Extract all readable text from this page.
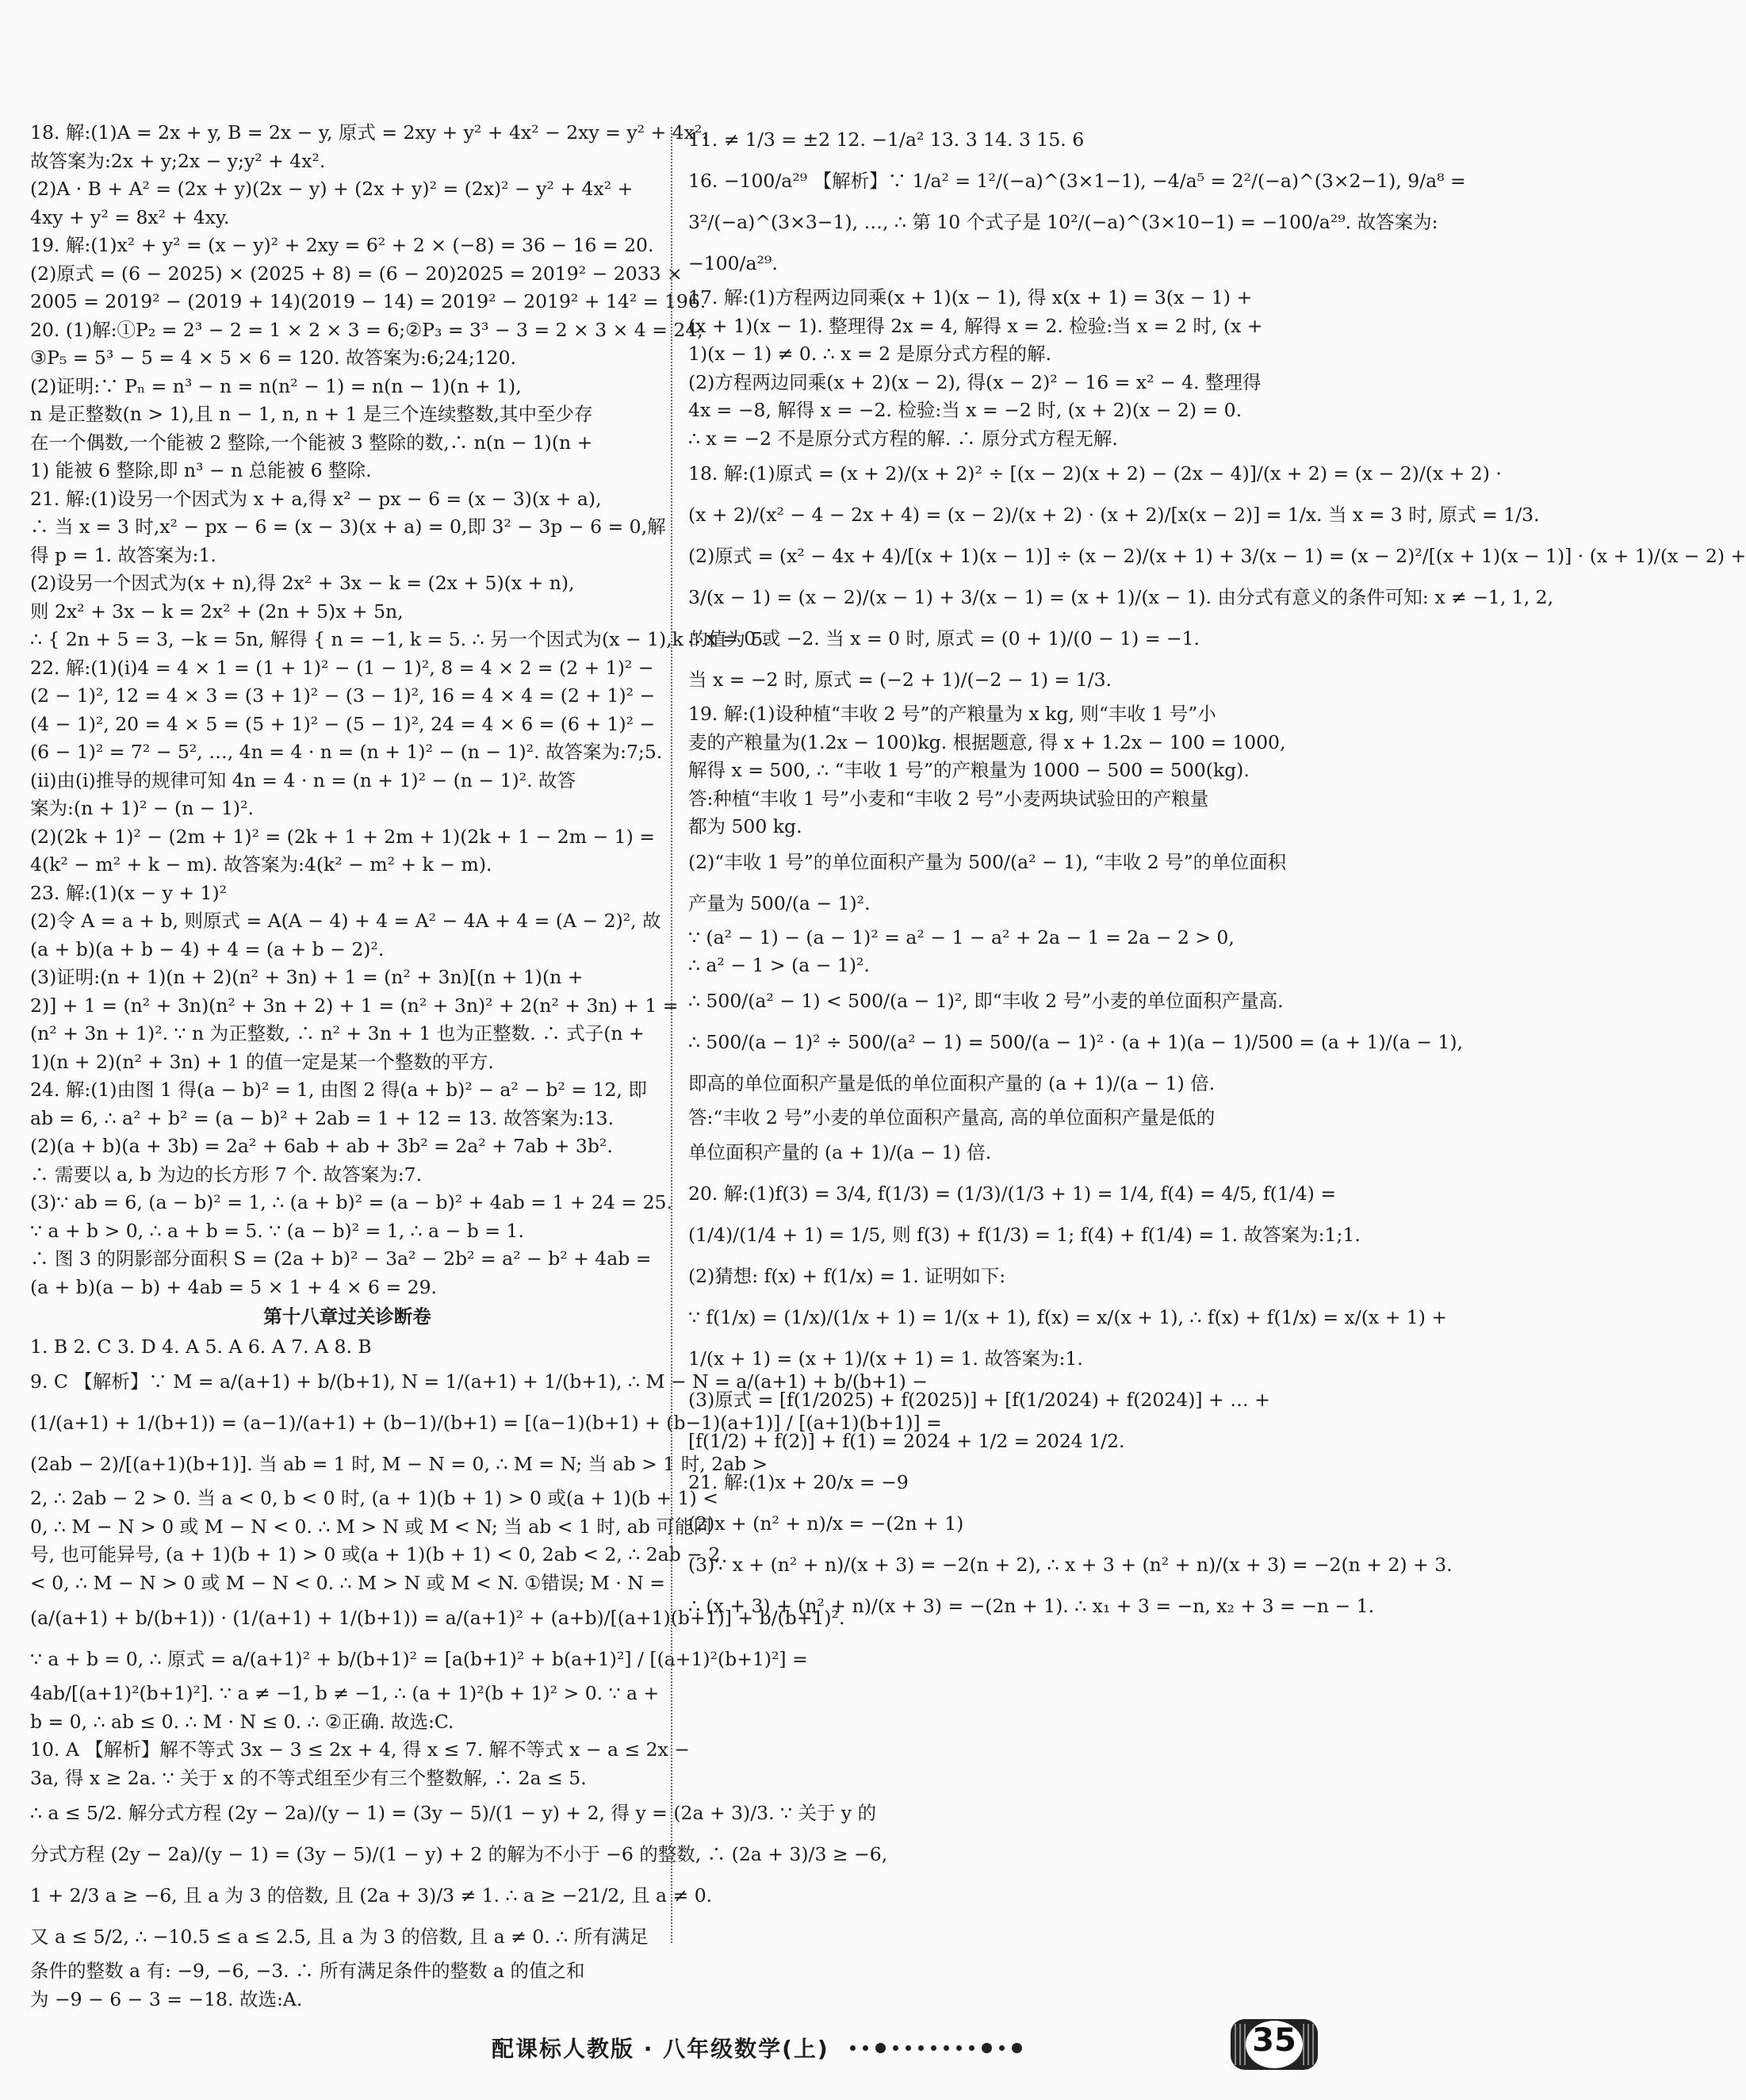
18. 解:(1)A = 2x + y, B = 2x − y, 原式 = 2xy + y² + 4x² − 2xy = y² + 4x².
故答案为:2x + y;2x − y;y² + 4x².
(2)A · B + A² = (2x + y)(2x − y) + (2x + y)² = (2x)² − y² + 4x² +
4xy + y² = 8x² + 4xy.
19. 解:(1)x² + y² = (x − y)² + 2xy = 6² + 2 × (−8) = 36 − 16 = 20.
(2)原式 = (6 − 2025) × (2025 + 8) = (6 − 20)2025 = 2019² − 2033 ×
2005 = 2019² − (2019 + 14)(2019 − 14) = 2019² − 2019² + 14² = 196.
20. (1)解:①P₂ = 2³ − 2 = 1 × 2 × 3 = 6;②P₃ = 3³ − 3 = 2 × 3 × 4 = 24;
③P₅ = 5³ − 5 = 4 × 5 × 6 = 120. 故答案为:6;24;120.
(2)证明:∵ Pₙ = n³ − n = n(n² − 1) = n(n − 1)(n + 1),
n 是正整数(n > 1),且 n − 1, n, n + 1 是三个连续整数,其中至少存
在一个偶数,一个能被 2 整除,一个能被 3 整除的数,∴ n(n − 1)(n +
1) 能被 6 整除,即 n³ − n 总能被 6 整除.
21. 解:(1)设另一个因式为 x + a,得 x² − px − 6 = (x − 3)(x + a),
∴ 当 x = 3 时,x² − px − 6 = (x − 3)(x + a) = 0,即 3² − 3p − 6 = 0,解
得 p = 1. 故答案为:1.
(2)设另一个因式为(x + n),得 2x² + 3x − k = (2x + 5)(x + n),
则 2x² + 3x − k = 2x² + (2n + 5)x + 5n,
∴ { 2n + 5 = 3, −k = 5n, 解得 { n = −1, k = 5. ∴ 另一个因式为(x − 1),k 的值为 5.
22. 解:(1)(ⅰ)4 = 4 × 1 = (1 + 1)² − (1 − 1)², 8 = 4 × 2 = (2 + 1)² −
(2 − 1)², 12 = 4 × 3 = (3 + 1)² − (3 − 1)², 16 = 4 × 4 = (2 + 1)² −
(4 − 1)², 20 = 4 × 5 = (5 + 1)² − (5 − 1)², 24 = 4 × 6 = (6 + 1)² −
(6 − 1)² = 7² − 5², …, 4n = 4 · n = (n + 1)² − (n − 1)². 故答案为:7;5.
(ⅱ)由(ⅰ)推导的规律可知 4n = 4 · n = (n + 1)² − (n − 1)². 故答
案为:(n + 1)² − (n − 1)².
(2)(2k + 1)² − (2m + 1)² = (2k + 1 + 2m + 1)(2k + 1 − 2m − 1) =
4(k² − m² + k − m). 故答案为:4(k² − m² + k − m).
23. 解:(1)(x − y + 1)²
(2)令 A = a + b, 则原式 = A(A − 4) + 4 = A² − 4A + 4 = (A − 2)², 故
(a + b)(a + b − 4) + 4 = (a + b − 2)².
(3)证明:(n + 1)(n + 2)(n² + 3n) + 1 = (n² + 3n)[(n + 1)(n +
2)] + 1 = (n² + 3n)(n² + 3n + 2) + 1 = (n² + 3n)² + 2(n² + 3n) + 1 =
(n² + 3n + 1)². ∵ n 为正整数, ∴ n² + 3n + 1 也为正整数. ∴ 式子(n +
1)(n + 2)(n² + 3n) + 1 的值一定是某一个整数的平方.
24. 解:(1)由图 1 得(a − b)² = 1, 由图 2 得(a + b)² − a² − b² = 12, 即
ab = 6, ∴ a² + b² = (a − b)² + 2ab = 1 + 12 = 13. 故答案为:13.
(2)(a + b)(a + 3b) = 2a² + 6ab + ab + 3b² = 2a² + 7ab + 3b².
∴ 需要以 a, b 为边的长方形 7 个. 故答案为:7.
(3)∵ ab = 6, (a − b)² = 1, ∴ (a + b)² = (a − b)² + 4ab = 1 + 24 = 25.
∵ a + b > 0, ∴ a + b = 5. ∵ (a − b)² = 1, ∴ a − b = 1.
∴ 图 3 的阴影部分面积 S = (2a + b)² − 3a² − 2b² = a² − b² + 4ab =
(a + b)(a − b) + 4ab = 5 × 1 + 4 × 6 = 29.
第十八章过关诊断卷
1. B 2. C 3. D 4. A 5. A 6. A 7. A 8. B
9. C 【解析】∵ M = a/(a+1) + b/(b+1), N = 1/(a+1) + 1/(b+1), ∴ M − N = a/(a+1) + b/(b+1) −
(1/(a+1) + 1/(b+1)) = (a−1)/(a+1) + (b−1)/(b+1) = [(a−1)(b+1) + (b−1)(a+1)] / [(a+1)(b+1)] =
(2ab − 2)/[(a+1)(b+1)]. 当 ab = 1 时, M − N = 0, ∴ M = N; 当 ab > 1 时, 2ab >
2, ∴ 2ab − 2 > 0. 当 a < 0, b < 0 时, (a + 1)(b + 1) > 0 或(a + 1)(b + 1) <
0, ∴ M − N > 0 或 M − N < 0. ∴ M > N 或 M < N; 当 ab < 1 时, ab 可能同
号, 也可能异号, (a + 1)(b + 1) > 0 或(a + 1)(b + 1) < 0, 2ab < 2, ∴ 2ab − 2
< 0, ∴ M − N > 0 或 M − N < 0. ∴ M > N 或 M < N. ①错误; M · N =
(a/(a+1) + b/(b+1)) · (1/(a+1) + 1/(b+1)) = a/(a+1)² + (a+b)/[(a+1)(b+1)] + b/(b+1)².
∵ a + b = 0, ∴ 原式 = a/(a+1)² + b/(b+1)² = [a(b+1)² + b(a+1)²] / [(a+1)²(b+1)²] =
4ab/[(a+1)²(b+1)²]. ∵ a ≠ −1, b ≠ −1, ∴ (a + 1)²(b + 1)² > 0. ∵ a +
b = 0, ∴ ab ≤ 0. ∴ M · N ≤ 0. ∴ ②正确. 故选:C.
10. A 【解析】解不等式 3x − 3 ≤ 2x + 4, 得 x ≤ 7. 解不等式 x − a ≤ 2x −
3a, 得 x ≥ 2a. ∵ 关于 x 的不等式组至少有三个整数解, ∴ 2a ≤ 5.
∴ a ≤ 5/2. 解分式方程 (2y − 2a)/(y − 1) = (3y − 5)/(1 − y) + 2, 得 y = (2a + 3)/3. ∵ 关于 y 的
分式方程 (2y − 2a)/(y − 1) = (3y − 5)/(1 − y) + 2 的解为不小于 −6 的整数, ∴ (2a + 3)/3 ≥ −6,
1 + 2/3 a ≥ −6, 且 a 为 3 的倍数, 且 (2a + 3)/3 ≠ 1. ∴ a ≥ −21/2, 且 a ≠ 0.
又 a ≤ 5/2, ∴ −10.5 ≤ a ≤ 2.5, 且 a 为 3 的倍数, 且 a ≠ 0. ∴ 所有满足
条件的整数 a 有: −9, −6, −3. ∴ 所有满足条件的整数 a 的值之和
为 −9 − 6 − 3 = −18. 故选:A.
11. ≠ 1/3 = ±2 12. −1/a² 13. 3 14. 3 15. 6
16. −100/a²⁹ 【解析】∵ 1/a² = 1²/(−a)^(3×1−1), −4/a⁵ = 2²/(−a)^(3×2−1), 9/a⁸ =
3²/(−a)^(3×3−1), …, ∴ 第 10 个式子是 10²/(−a)^(3×10−1) = −100/a²⁹. 故答案为:
−100/a²⁹.
17. 解:(1)方程两边同乘(x + 1)(x − 1), 得 x(x + 1) = 3(x − 1) +
(x + 1)(x − 1). 整理得 2x = 4, 解得 x = 2. 检验:当 x = 2 时, (x +
1)(x − 1) ≠ 0. ∴ x = 2 是原分式方程的解.
(2)方程两边同乘(x + 2)(x − 2), 得(x − 2)² − 16 = x² − 4. 整理得
4x = −8, 解得 x = −2. 检验:当 x = −2 时, (x + 2)(x − 2) = 0.
∴ x = −2 不是原分式方程的解. ∴ 原分式方程无解.
18. 解:(1)原式 = (x + 2)/(x + 2)² ÷ [(x − 2)(x + 2) − (2x − 4)]/(x + 2) = (x − 2)/(x + 2) ·
(x + 2)/(x² − 4 − 2x + 4) = (x − 2)/(x + 2) · (x + 2)/[x(x − 2)] = 1/x. 当 x = 3 时, 原式 = 1/3.
(2)原式 = (x² − 4x + 4)/[(x + 1)(x − 1)] ÷ (x − 2)/(x + 1) + 3/(x − 1) = (x − 2)²/[(x + 1)(x − 1)] · (x + 1)/(x − 2) +
3/(x − 1) = (x − 2)/(x − 1) + 3/(x − 1) = (x + 1)/(x − 1). 由分式有意义的条件可知: x ≠ −1, 1, 2,
∴ x = 0 或 −2. 当 x = 0 时, 原式 = (0 + 1)/(0 − 1) = −1.
当 x = −2 时, 原式 = (−2 + 1)/(−2 − 1) = 1/3.
19. 解:(1)设种植“丰收 2 号”的产粮量为 x kg, 则“丰收 1 号”小
麦的产粮量为(1.2x − 100)kg. 根据题意, 得 x + 1.2x − 100 = 1000,
解得 x = 500, ∴ “丰收 1 号”的产粮量为 1000 − 500 = 500(kg).
答:种植“丰收 1 号”小麦和“丰收 2 号”小麦两块试验田的产粮量
都为 500 kg.
(2)“丰收 1 号”的单位面积产量为 500/(a² − 1), “丰收 2 号”的单位面积
产量为 500/(a − 1)².
∵ (a² − 1) − (a − 1)² = a² − 1 − a² + 2a − 1 = 2a − 2 > 0,
∴ a² − 1 > (a − 1)².
∴ 500/(a² − 1) < 500/(a − 1)², 即“丰收 2 号”小麦的单位面积产量高.
∴ 500/(a − 1)² ÷ 500/(a² − 1) = 500/(a − 1)² · (a + 1)(a − 1)/500 = (a + 1)/(a − 1),
即高的单位面积产量是低的单位面积产量的 (a + 1)/(a − 1) 倍.
答:“丰收 2 号”小麦的单位面积产量高, 高的单位面积产量是低的
单位面积产量的 (a + 1)/(a − 1) 倍.
20. 解:(1)f(3) = 3/4, f(1/3) = (1/3)/(1/3 + 1) = 1/4, f(4) = 4/5, f(1/4) =
(1/4)/(1/4 + 1) = 1/5, 则 f(3) + f(1/3) = 1; f(4) + f(1/4) = 1. 故答案为:1;1.
(2)猜想: f(x) + f(1/x) = 1. 证明如下:
∵ f(1/x) = (1/x)/(1/x + 1) = 1/(x + 1), f(x) = x/(x + 1), ∴ f(x) + f(1/x) = x/(x + 1) +
1/(x + 1) = (x + 1)/(x + 1) = 1. 故答案为:1.
(3)原式 = [f(1/2025) + f(2025)] + [f(1/2024) + f(2024)] + … +
[f(1/2) + f(2)] + f(1) = 2024 + 1/2 = 2024 1/2.
21. 解:(1)x + 20/x = −9
(2)x + (n² + n)/x = −(2n + 1)
(3)∵ x + (n² + n)/(x + 3) = −2(n + 2), ∴ x + 3 + (n² + n)/(x + 3) = −2(n + 2) + 3.
∴ (x + 3) + (n² + n)/(x + 3) = −(2n + 1). ∴ x₁ + 3 = −n, x₂ + 3 = −n − 1.
配课标人教版 · 八年级数学(上)	35
